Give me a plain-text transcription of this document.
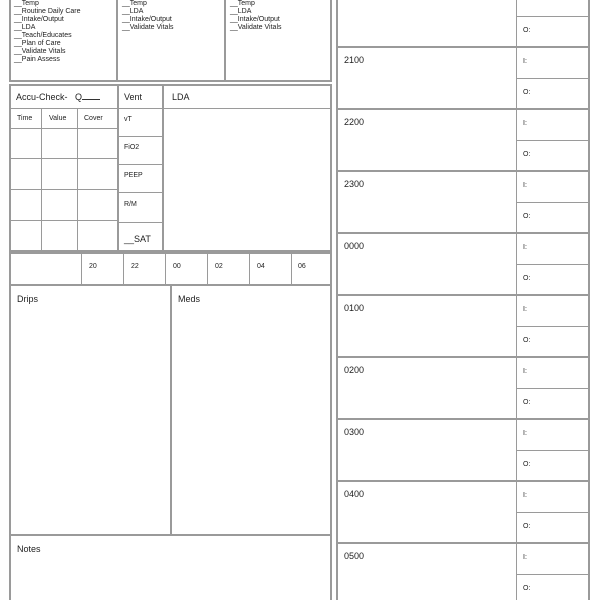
__Temp
__Routine Daily Care
__Intake/Output
__LDA
__Teach/Educates
__Plan of Care
__Validate Vitals
__Pain Assess
__Temp
__LDA
__Intake/Output
__Validate Vitals
__Temp
__LDA
__Intake/Output
__Validate Vitals
Accu-Check- Q
Time Value	Cover
Vent
vT
FiO2
PEEP
R/M
__SAT
LDA
20	22	00	02	04	06
Drips	Meds
Notes
O:
2100	I:
O:
2200	I:
O:
2300	I:
O:
0000	I:
O:
0100	I:
O:
0200	I:
O:
0300	I:
O:
0400	I:
O:
0500	I:
O:
